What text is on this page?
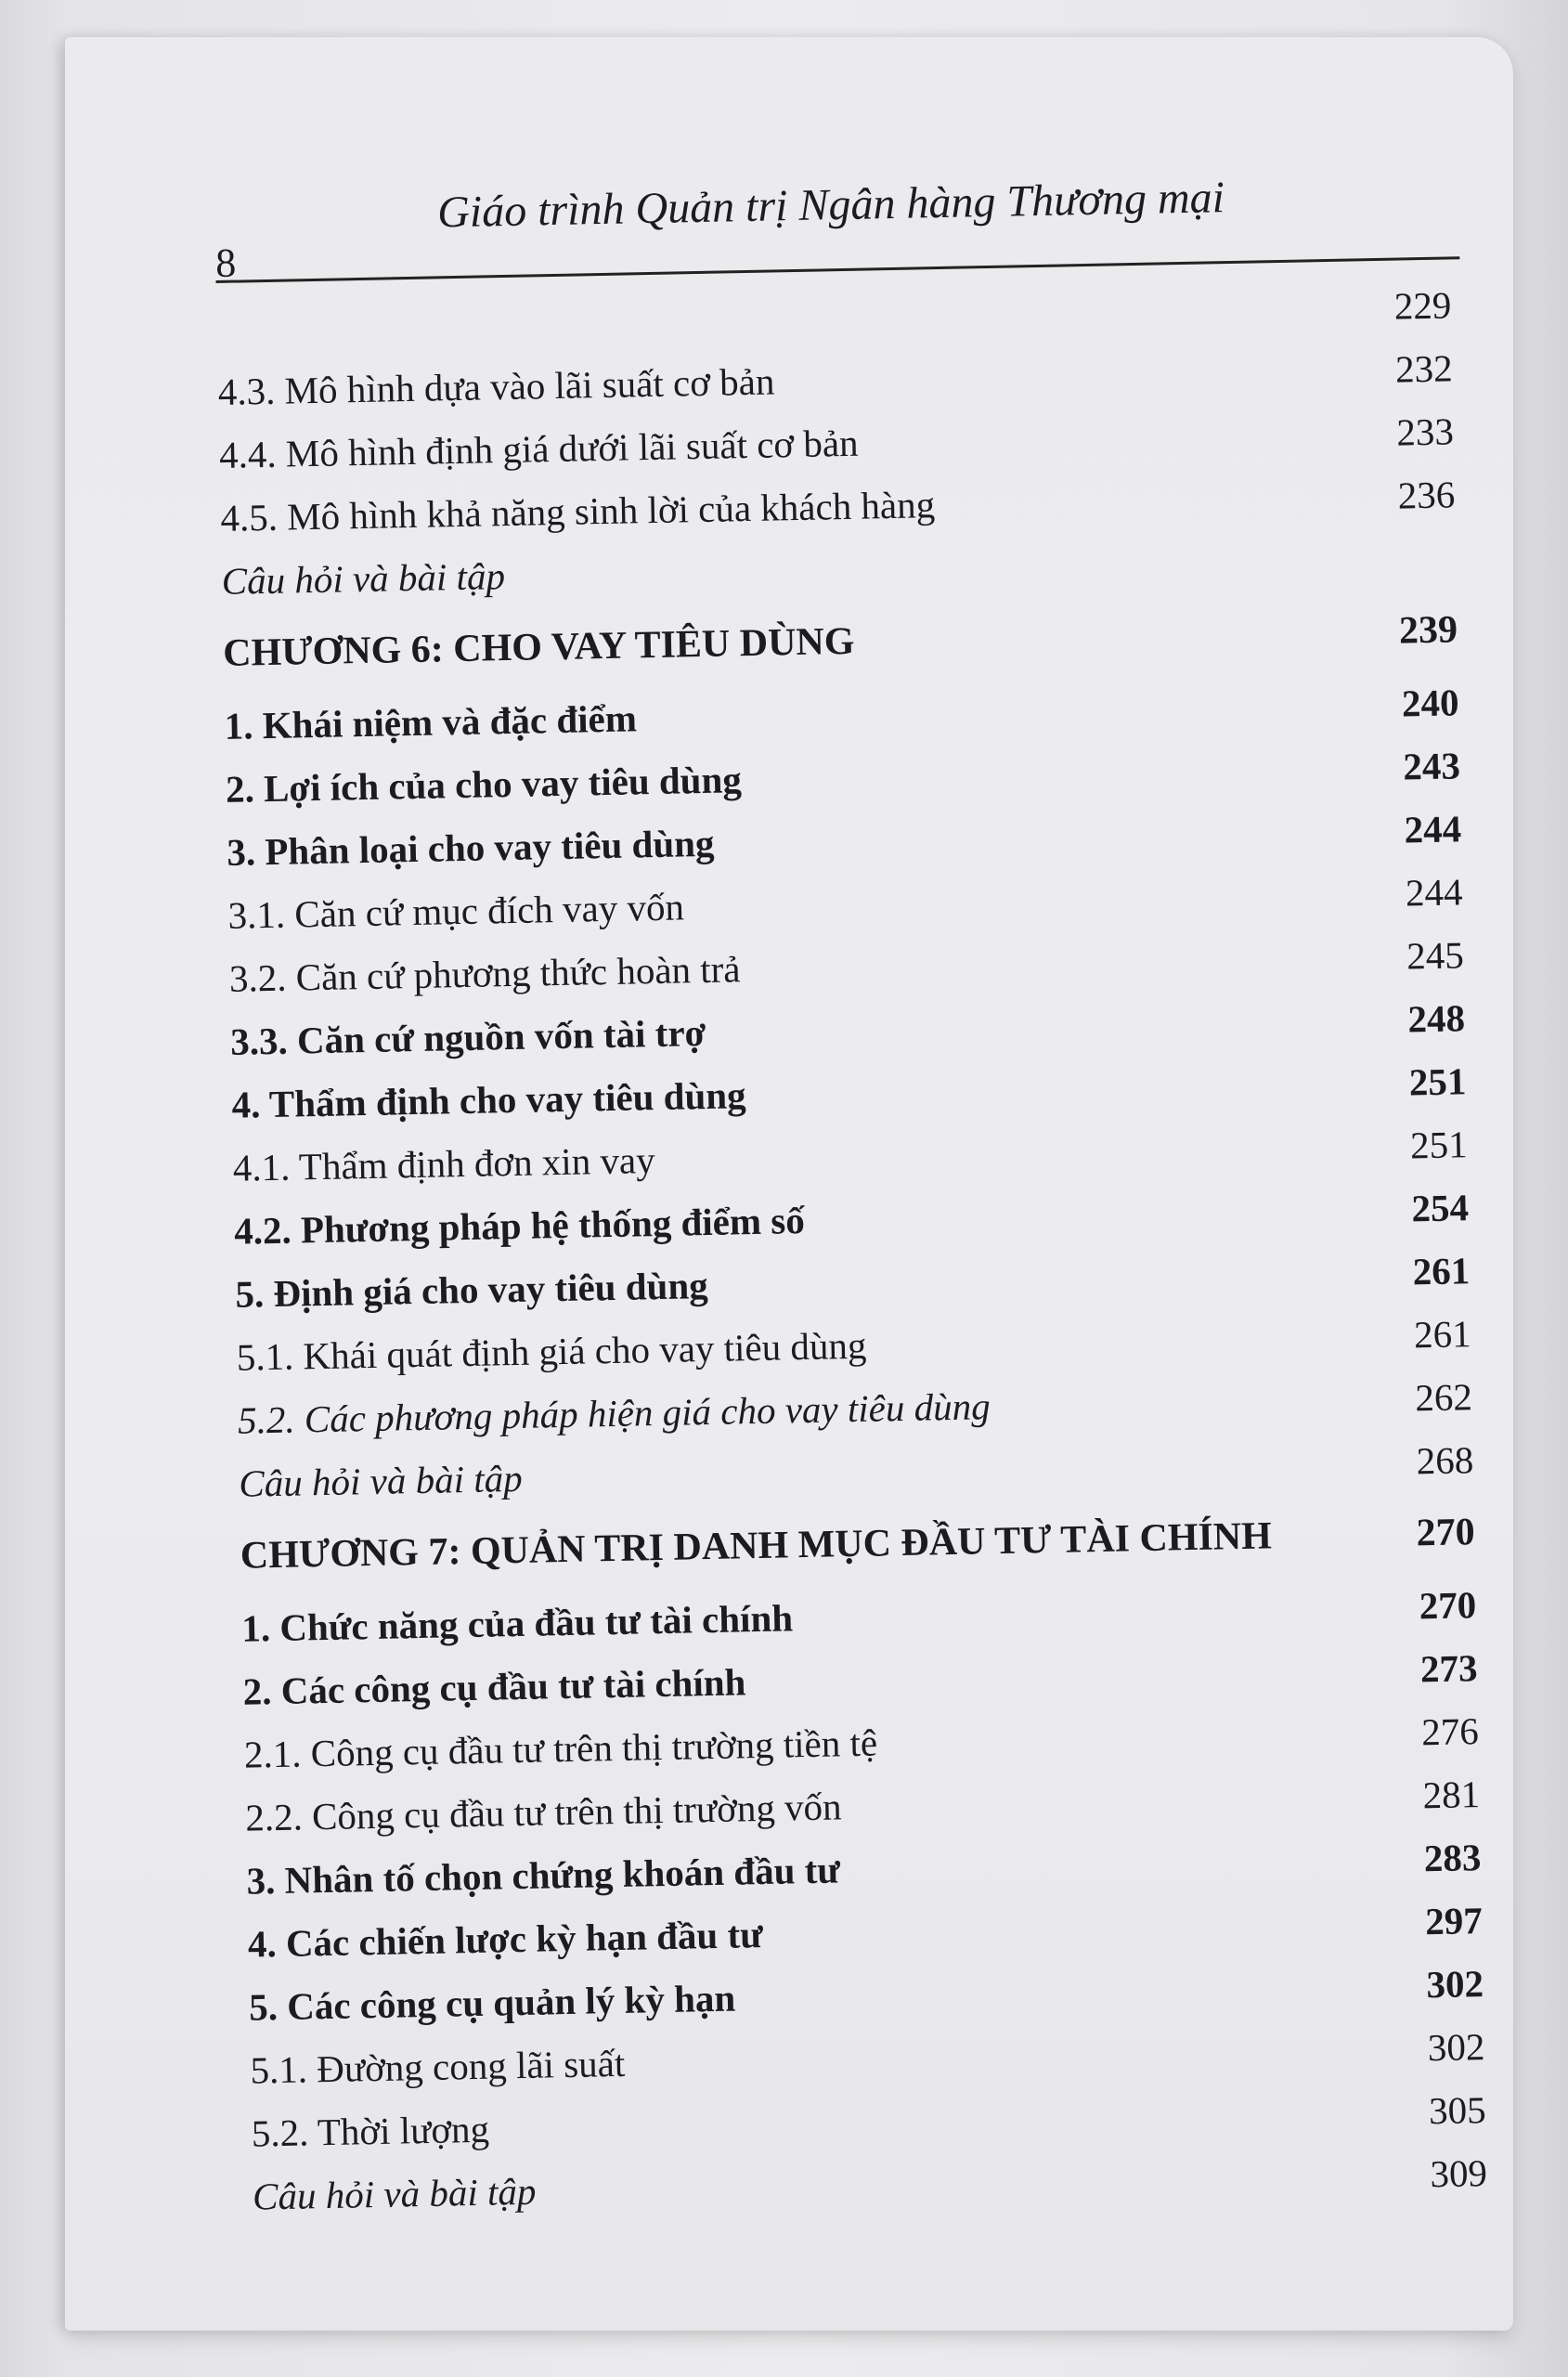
8
Giáo trình Quản trị Ngân hàng Thương mại
229
4.3. Mô hình dựa vào lãi suất cơ bản	232
4.4. Mô hình định giá dưới lãi suất cơ bản	233
4.5. Mô hình khả năng sinh lời của khách hàng	236
Câu hỏi và bài tập
CHƯƠNG 6: CHO VAY TIÊU DÙNG	239
1. Khái niệm và đặc điểm	240
2. Lợi ích của cho vay tiêu dùng	243
3. Phân loại cho vay tiêu dùng	244
3.1. Căn cứ mục đích vay vốn	244
3.2. Căn cứ phương thức hoàn trả	245
3.3. Căn cứ nguồn vốn tài trợ	248
4. Thẩm định cho vay tiêu dùng	251
4.1. Thẩm định đơn xin vay	251
4.2. Phương pháp hệ thống điểm số	254
5. Định giá cho vay tiêu dùng	261
5.1. Khái quát định giá cho vay tiêu dùng	261
5.2. Các phương pháp hiện giá cho vay tiêu dùng	262
Câu hỏi và bài tập	268
CHƯƠNG 7: QUẢN TRỊ DANH MỤC ĐẦU TƯ TÀI CHÍNH	270
1. Chức năng của đầu tư tài chính	270
2. Các công cụ đầu tư tài chính	273
2.1. Công cụ đầu tư trên thị trường tiền tệ	276
2.2. Công cụ đầu tư trên thị trường vốn	281
3. Nhân tố chọn chứng khoán đầu tư	283
4. Các chiến lược kỳ hạn đầu tư	297
5. Các công cụ quản lý kỳ hạn	302
5.1. Đường cong lãi suất	302
5.2. Thời lượng	305
Câu hỏi và bài tập	309
